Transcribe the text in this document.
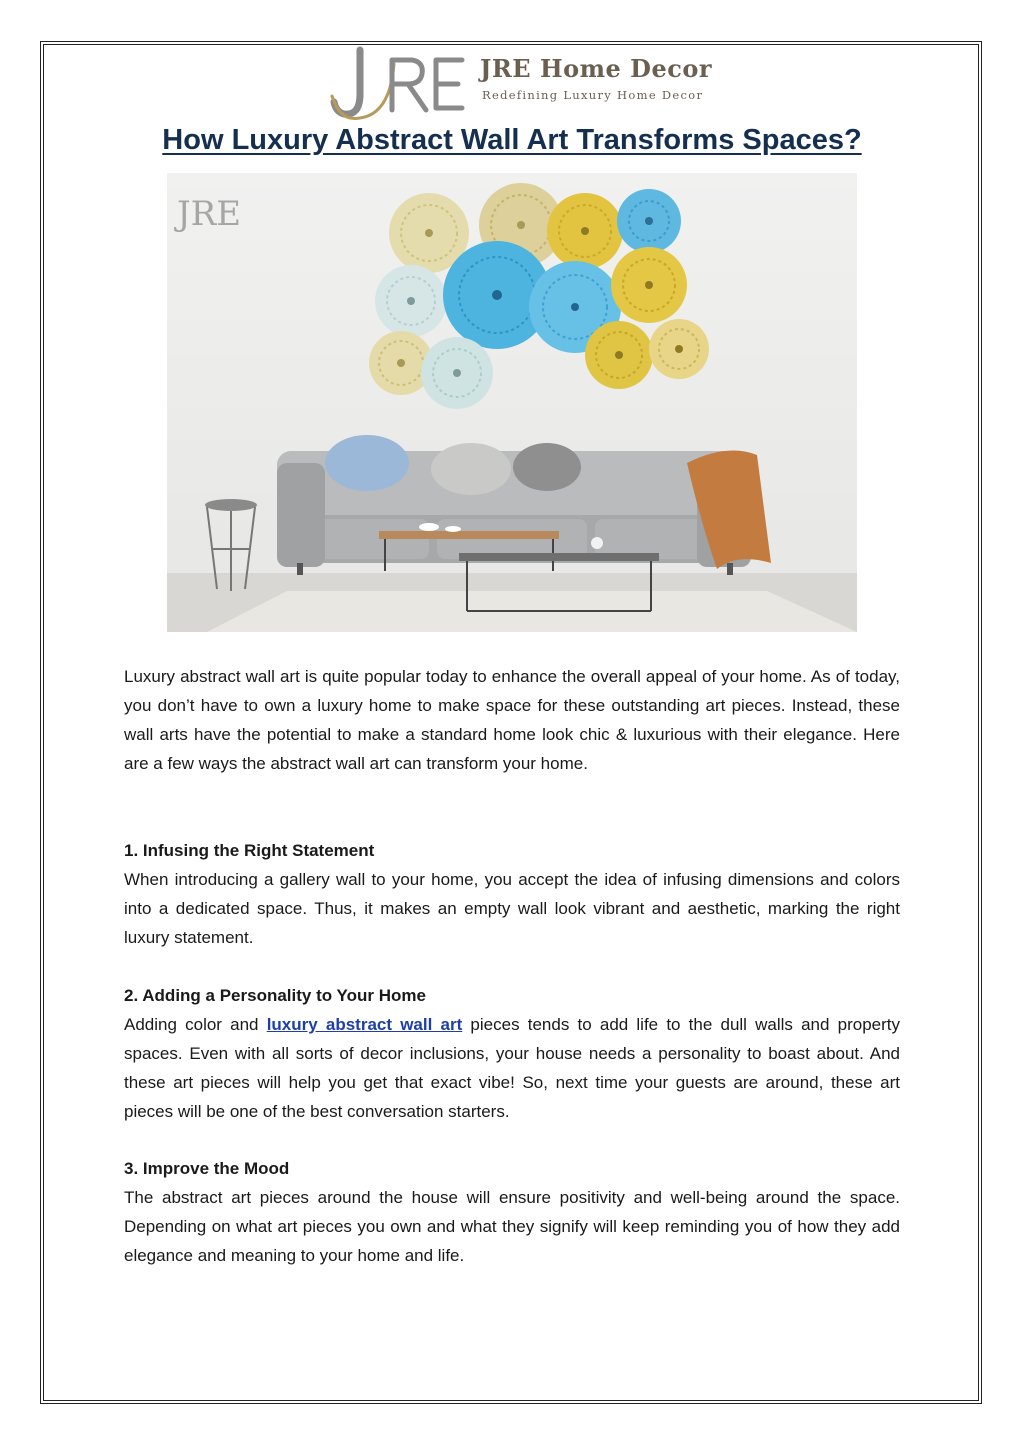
JRE Home Decor
Redefining Luxury Home Decor
How Luxury Abstract Wall Art Transforms Spaces?
JRE

Luxury abstract wall art is quite popular today to enhance the overall appeal of your home. As of today, you don’t have to own a luxury home to make space for these outstanding art pieces. Instead, these wall arts have the potential to make a standard home look chic & luxurious with their elegance. Here are a few ways the abstract wall art can transform your home.

1. Infusing the Right Statement

When introducing a gallery wall to your home, you accept the idea of infusing dimensions and colors into a dedicated space. Thus, it makes an empty wall look vibrant and aesthetic, marking the right luxury statement.

2. Adding a Personality to Your Home

Adding color and luxury abstract wall art pieces tends to add life to the dull walls and property spaces. Even with all sorts of decor inclusions, your house needs a personality to boast about. And these art pieces will help you get that exact vibe! So, next time your guests are around, these art pieces will be one of the best conversation starters.

3. Improve the Mood

The abstract art pieces around the house will ensure positivity and well-being around the space. Depending on what art pieces you own and what they signify will keep reminding you of how they add elegance and meaning to your home and life.
